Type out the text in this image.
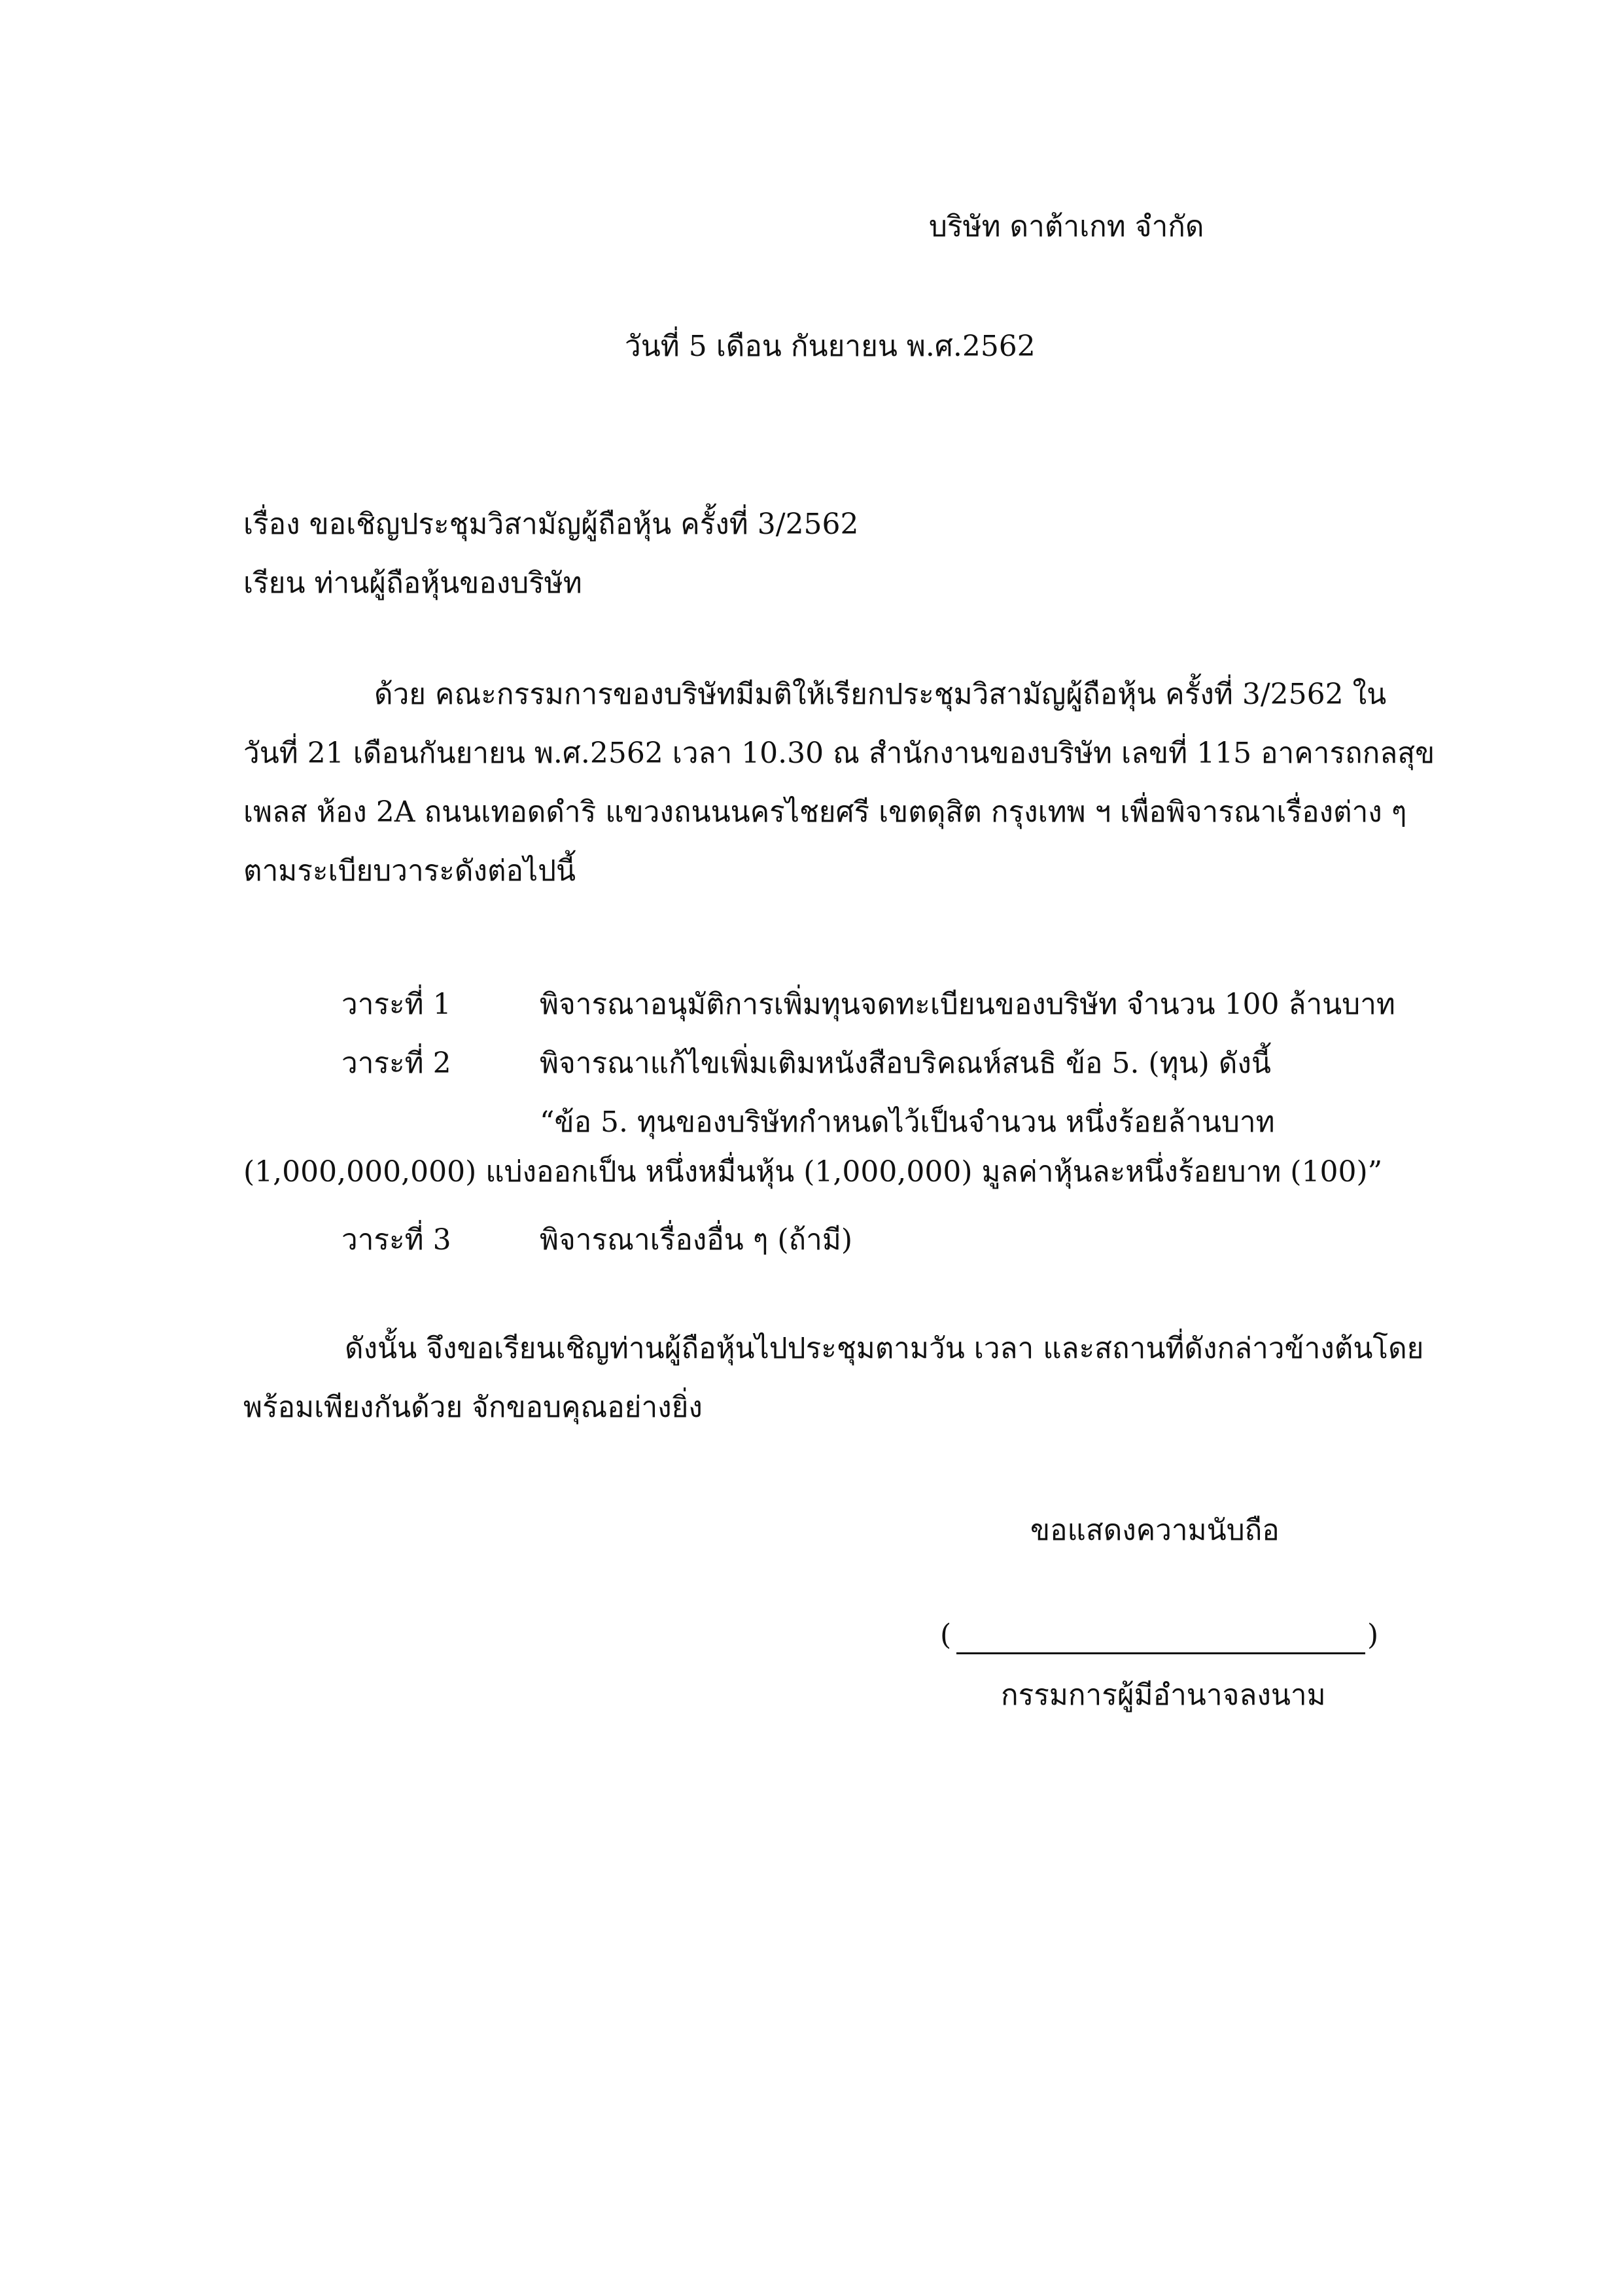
บริษัท ดาต้าเกท จำกัด
วันที่ 5 เดือน กันยายน พ.ศ.2562
เรื่อง ขอเชิญประชุมวิสามัญผู้ถือหุ้น ครั้งที่ 3/2562
เรียน ท่านผู้ถือหุ้นของบริษัท
ด้วย คณะกรรมการของบริษัทมีมติให้เรียกประชุมวิสามัญผู้ถือหุ้น ครั้งที่ 3/2562 ใน
วันที่ 21 เดือนกันยายน พ.ศ.2562 เวลา 10.30 ณ สำนักงานของบริษัท เลขที่ 115 อาคารถกลสุข
เพลส ห้อง 2A ถนนเทอดดำริ แขวงถนนนครไชยศรี เขตดุสิต กรุงเทพ ฯ เพื่อพิจารณาเรื่องต่าง ๆ
ตามระเบียบวาระดังต่อไปนี้
วาระที่ 1	พิจารณาอนุมัติการเพิ่มทุนจดทะเบียนของบริษัท จำนวน 100 ล้านบาท
วาระที่ 2	พิจารณาแก้ไขเพิ่มเติมหนังสือบริคณห์สนธิ ข้อ 5. (ทุน) ดังนี้
“ข้อ 5. ทุนของบริษัทกำหนดไว้เป็นจำนวน หนึ่งร้อยล้านบาท
(1,000,000,000) แบ่งออกเป็น หนึ่งหมื่นหุ้น (1,000,000) มูลค่าหุ้นละหนึ่งร้อยบาท (100)”
วาระที่ 3	พิจารณาเรื่องอื่น ๆ (ถ้ามี)
ดังนั้น จึงขอเรียนเชิญท่านผู้ถือหุ้นไปประชุมตามวัน เวลา และสถานที่ดังกล่าวข้างต้นโดย
พร้อมเพียงกันด้วย จักขอบคุณอย่างยิ่ง
ขอแสดงความนับถือ
(	)
กรรมการผู้มีอำนาจลงนาม
